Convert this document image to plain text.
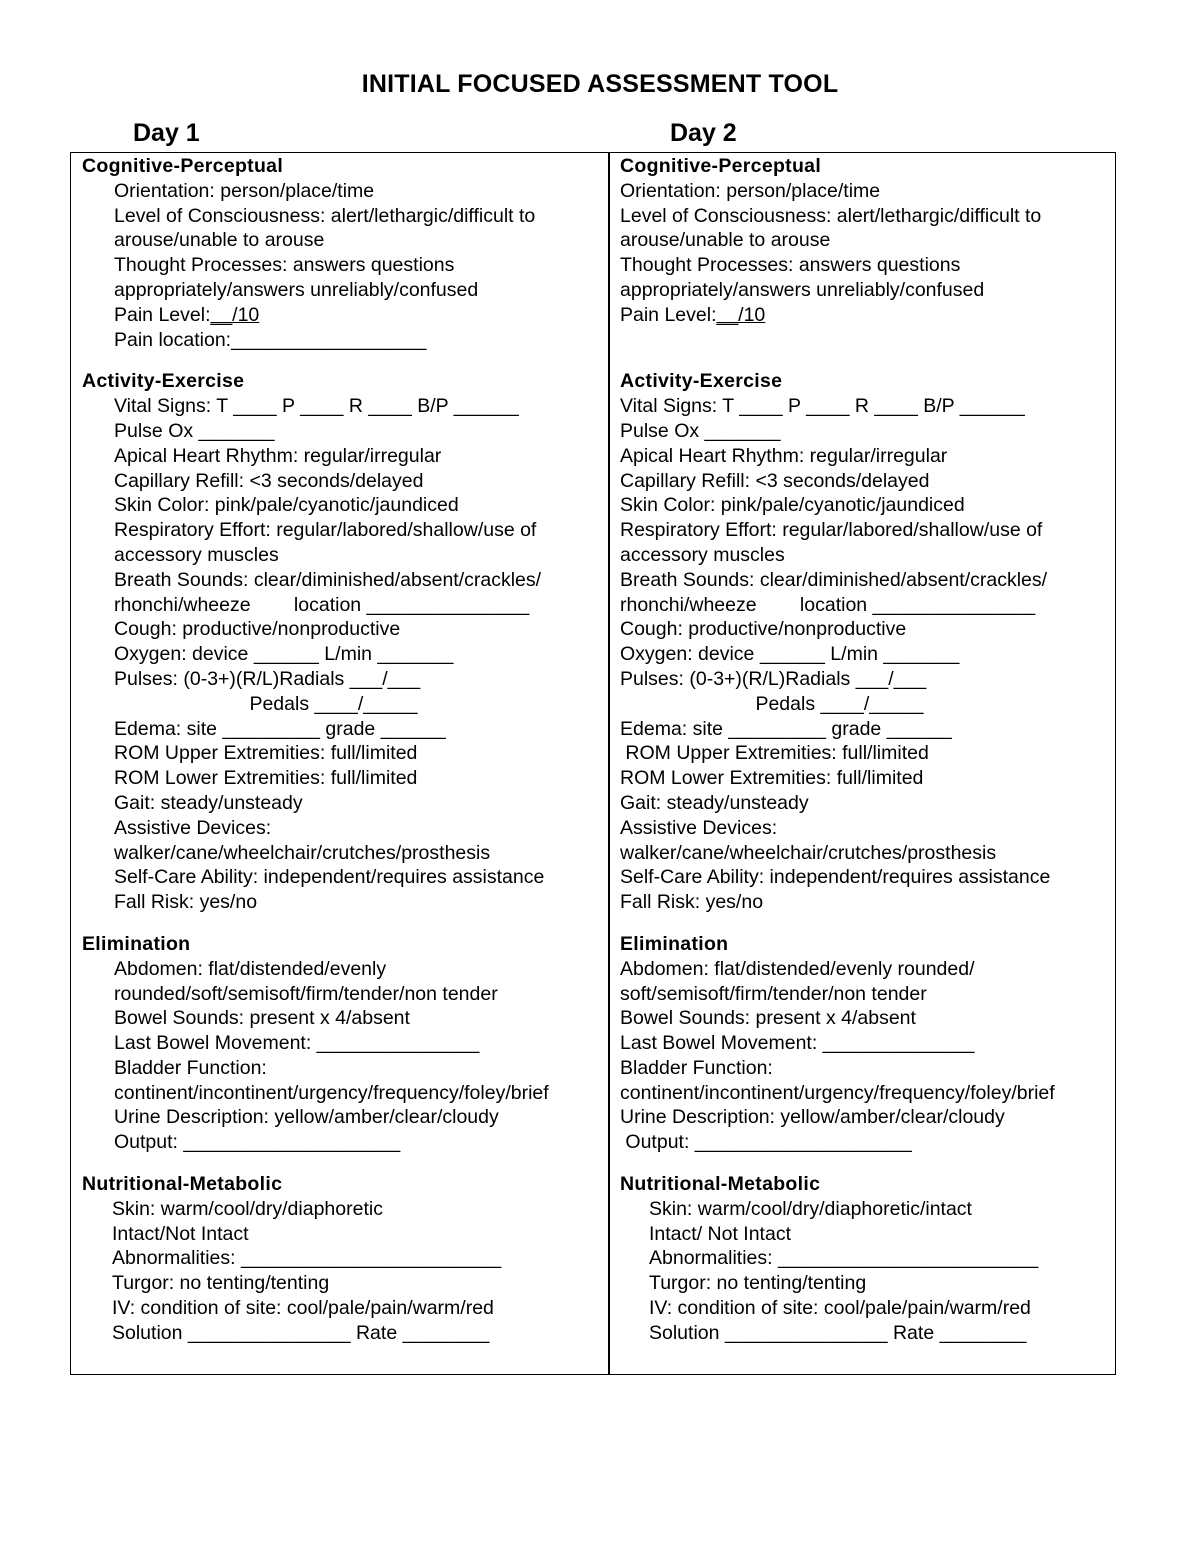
INITIAL FOCUSED ASSESSMENT TOOL
Day 1	Day 2
Cognitive-Perceptual
Orientation: person/place/time
Level of Consciousness: alert/lethargic/difficult to
arouse/unable to arouse
Thought Processes: answers questions
appropriately/answers unreliably/confused
Pain Level:__/10
Pain location:__________________
Activity-Exercise
Vital Signs: T ____ P ____ R ____ B/P ______
Pulse Ox _______
Apical Heart Rhythm: regular/irregular
Capillary Refill: <3 seconds/delayed
Skin Color: pink/pale/cyanotic/jaundiced
Respiratory Effort: regular/labored/shallow/use of
accessory muscles
Breath Sounds: clear/diminished/absent/crackles/
rhonchi/wheeze        location _______________
Cough: productive/nonproductive
Oxygen: device ______ L/min _______
Pulses: (0-3+)(R/L)Radials ___/___
Pedals ____/_____
Edema: site _________ grade ______
ROM Upper Extremities: full/limited
ROM Lower Extremities: full/limited
Gait: steady/unsteady
Assistive Devices:
walker/cane/wheelchair/crutches/prosthesis
Self-Care Ability: independent/requires assistance
Fall Risk: yes/no
Elimination
Abdomen: flat/distended/evenly
rounded/soft/semisoft/firm/tender/non tender
Bowel Sounds: present x 4/absent
Last Bowel Movement: _______________
Bladder Function:
continent/incontinent/urgency/frequency/foley/brief
Urine Description: yellow/amber/clear/cloudy
Output: ____________________
Nutritional-Metabolic
Skin: warm/cool/dry/diaphoretic
Intact/Not Intact
Abnormalities: ________________________
Turgor: no tenting/tenting
IV: condition of site: cool/pale/pain/warm/red
Solution _______________ Rate ________
Cognitive-Perceptual
Orientation: person/place/time
Level of Consciousness: alert/lethargic/difficult to
arouse/unable to arouse
Thought Processes: answers questions
appropriately/answers unreliably/confused
Pain Level:__/10

Activity-Exercise
Vital Signs: T ____ P ____ R ____ B/P ______
Pulse Ox _______
Apical Heart Rhythm: regular/irregular
Capillary Refill: <3 seconds/delayed
Skin Color: pink/pale/cyanotic/jaundiced
Respiratory Effort: regular/labored/shallow/use of
accessory muscles
Breath Sounds: clear/diminished/absent/crackles/
rhonchi/wheeze        location _______________
Cough: productive/nonproductive
Oxygen: device ______ L/min _______
Pulses: (0-3+)(R/L)Radials ___/___
Pedals ____/_____
Edema: site _________ grade ______
ROM Upper Extremities: full/limited
ROM Lower Extremities: full/limited
Gait: steady/unsteady
Assistive Devices:
walker/cane/wheelchair/crutches/prosthesis
Self-Care Ability: independent/requires assistance
Fall Risk: yes/no
Elimination
Abdomen: flat/distended/evenly rounded/
soft/semisoft/firm/tender/non tender
Bowel Sounds: present x 4/absent
Last Bowel Movement: ______________
Bladder Function:
continent/incontinent/urgency/frequency/foley/brief
Urine Description: yellow/amber/clear/cloudy
Output: ____________________
Nutritional-Metabolic
Skin: warm/cool/dry/diaphoretic/intact
Intact/ Not Intact
Abnormalities: ________________________
Turgor: no tenting/tenting
IV: condition of site: cool/pale/pain/warm/red
Solution _______________ Rate ________
